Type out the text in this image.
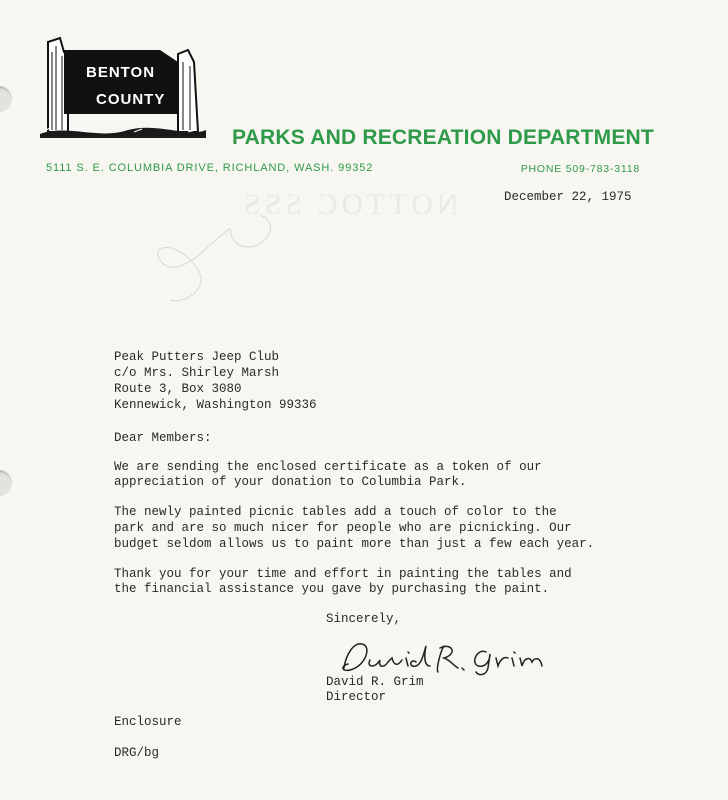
NOTTOC SSS
BENTON
COUNTY
PARKS AND RECREATION DEPARTMENT
5111 S. E. COLUMBIA DRIVE, RICHLAND, WASH. 99352	PHONE 509-783-3118
December 22, 1975
Peak Putters Jeep Club
c/o Mrs. Shirley Marsh
Route 3, Box 3080
Kennewick, Washington 99336
Dear Members:
We are sending the enclosed certificate as a token of our
appreciation of your donation to Columbia Park.
The newly painted picnic tables add a touch of color to the
park and are so much nicer for people who are picnicking. Our
budget seldom allows us to paint more than just a few each year.
Thank you for your time and effort in painting the tables and
the financial assistance you gave by purchasing the paint.
Sincerely,
David R. Grim
Director
Enclosure
DRG/bg
